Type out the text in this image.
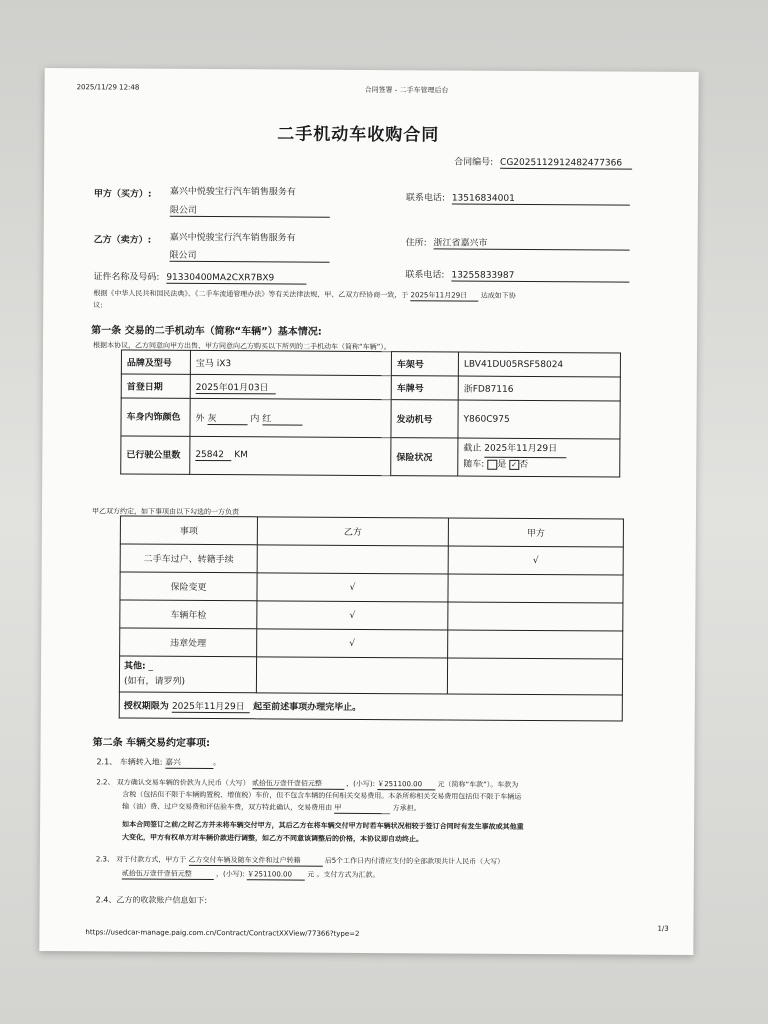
2025/11/29 12:48	合同签署 - 二手车管理后台
二手机动车收购合同
合同编号: CG2025112912482477366
甲方（买方）: 嘉兴中悦骏宝行汽车销售服务有
限公司
联系电话: 13516834001
乙方（卖方）: 嘉兴中悦骏宝行汽车销售服务有
限公司
住所: 浙江省嘉兴市
证件名称及号码: 91330400MA2CXR7BX9	联系电话: 13255833987
根据《中华人民共和国民法典》、《二手车流通管理办法》等有关法律法规，甲、乙双方经协商一致，于 2025年11月29日 达成如下协
议:
第一条 交易的二手机动车（简称“车辆”）基本情况:
根据本协议，乙方同意向甲方出售、甲方同意向乙方购买以下所列的二手机动车（简称“车辆”）。
品牌及型号	宝马 iX3	车架号	LBV41DU05RSF58024
首登日期	2025年01月03日	车牌号	浙FD87116
车身内饰颜色	外 灰 内 红	发动机号	Y860C975
已行驶公里数	25842 KM	保险状况	截止 2025年11月29日
随车: 是 ✓ 否
甲乙双方约定，如下事项由以下勾选的一方负责
事项	乙方	甲方
二手车过户、转籍手续		√
保险变更	√	
车辆年检	√	
违章处理	√	
其他: _
(如有，请罗列)		
授权期限为 2025年11月29日 起至前述事项办理完毕止。		
第二条 车辆交易约定事项:
2.1、 车辆转入地: 嘉兴	。
2.2、 双方确认交易车辆的价款为人民币（大写） 贰拾伍万壹仟壹佰元整	，(小写): ￥251100.00 元（简称“车款”）。车款为
含税（包括但不限于车辆购置税、增值税）车价，但不包含车辆的任何相关交易费用。本条所称相关交易费用包括但不限于车辆运
输（油）费、过户交易费和评估验车费，双方特此确认，交易费用由 甲	方承担。
如本合同签订之前/之时乙方并未将车辆交付甲方，其后乙方在将车辆交付甲方时若车辆状况相较于签订合同时有发生事故或其他重
大变化，甲方有权单方对车辆价款进行调整，如乙方不同意该调整后的价格，本协议即自动终止。
2.3、 对于付款方式，甲方于 乙方交付车辆及随车文件和过户转籍	后5个工作日内付清应支付的全部款项共计人民币（大写）
贰拾伍万壹仟壹佰元整	，(小写): ￥251100.00 元 。支付方式为汇款。
2.4、乙方的收款账户信息如下:
https://usedcar-manage.paig.com.cn/Contract/ContractXXView/77366?type=2	1/3
